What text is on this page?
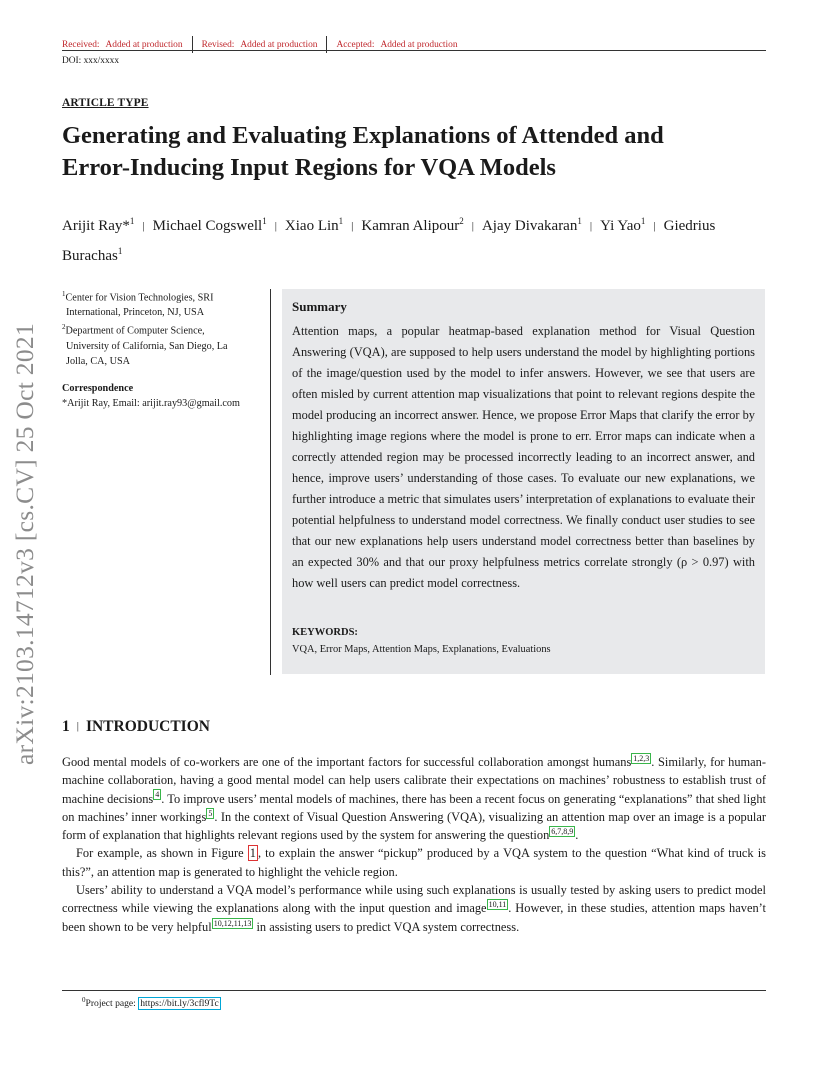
Received: Added at production Revised: Added at production Accepted: Added at production
DOI: xxx/xxxx
ARTICLE TYPE
Generating and Evaluating Explanations of Attended and
Error-Inducing Input Regions for VQA Models
Arijit Ray*$^1$ | Michael Cogswell$^1$ | Xiao Lin$^1$ | Kamran Alipour$^2$ | Ajay Divakaran$^1$ | Yi Yao$^1$ | Giedrius Burachas$^1$
$^1$Center for Vision Technologies, SRI
International, Princeton, NJ, USA
$^2$Department of Computer Science,
University of California, San Diego, La
Jolla, CA, USA
Correspondence
*Arijit Ray, Email: arijit.ray93@gmail.com
Summary
Attention maps, a popular heatmap-based explanation method for Visual Question Answering (VQA), are supposed to help users understand the model by highlighting portions of the image/question used by the model to infer answers. However, we see that users are often misled by current attention map visualizations that point to relevant regions despite the model producing an incorrect answer. Hence, we propose Error Maps that clarify the error by highlighting image regions where the model is prone to err. Error maps can indicate when a correctly attended region may be processed incorrectly leading to an incorrect answer, and hence, improve users’ understanding of those cases. To evaluate our new explanations, we further introduce a metric that simulates users’ interpretation of explanations to evaluate their potential helpfulness to understand model correctness. We finally conduct user studies to see that our new explanations help users understand model correctness better than baselines by an expected 30% and that our proxy helpfulness metrics correlate strongly (ρ > 0.97) with how well users can predict model correctness.
KEYWORDS:
VQA, Error Maps, Attention Maps, Explanations, Evaluations
arXiv:2103.14712v3 [cs.CV] 25 Oct 2021 1 | INTRODUCTION

Good mental models of co-workers are one of the important factors for successful collaboration amongst humans $^{1,2,3}$ . Similarly, for human-machine collaboration, having a good mental model can help users calibrate their expectations on machines’ robustness to establish trust of machine decisions $^4$ . To improve users’ mental models of machines, there has been a recent focus on generating “explanations” that shed light on machines’ inner workings $^5$ . In the context of Visual Question Answering (VQA), visualizing an attention map over an image is a popular form of explanation that highlights relevant regions used by the system for answering the question $^{6,7,8,9}$ .

For example, as shown in Figure 1 , to explain the answer “pickup” produced by a VQA system to the question “What kind of truck is this?”, an attention map is generated to highlight the vehicle region.

Users’ ability to understand a VQA model’s performance while using such explanations is usually tested by asking users to predict model correctness while viewing the explanations along with the input question and image $^{10,11}$ . However, in these studies, attention maps haven’t been shown to be very helpful $^{10,12,11,13}$ in assisting users to predict VQA system correctness.

$^0$Project page: https://bit.ly/3cfl9Tc
